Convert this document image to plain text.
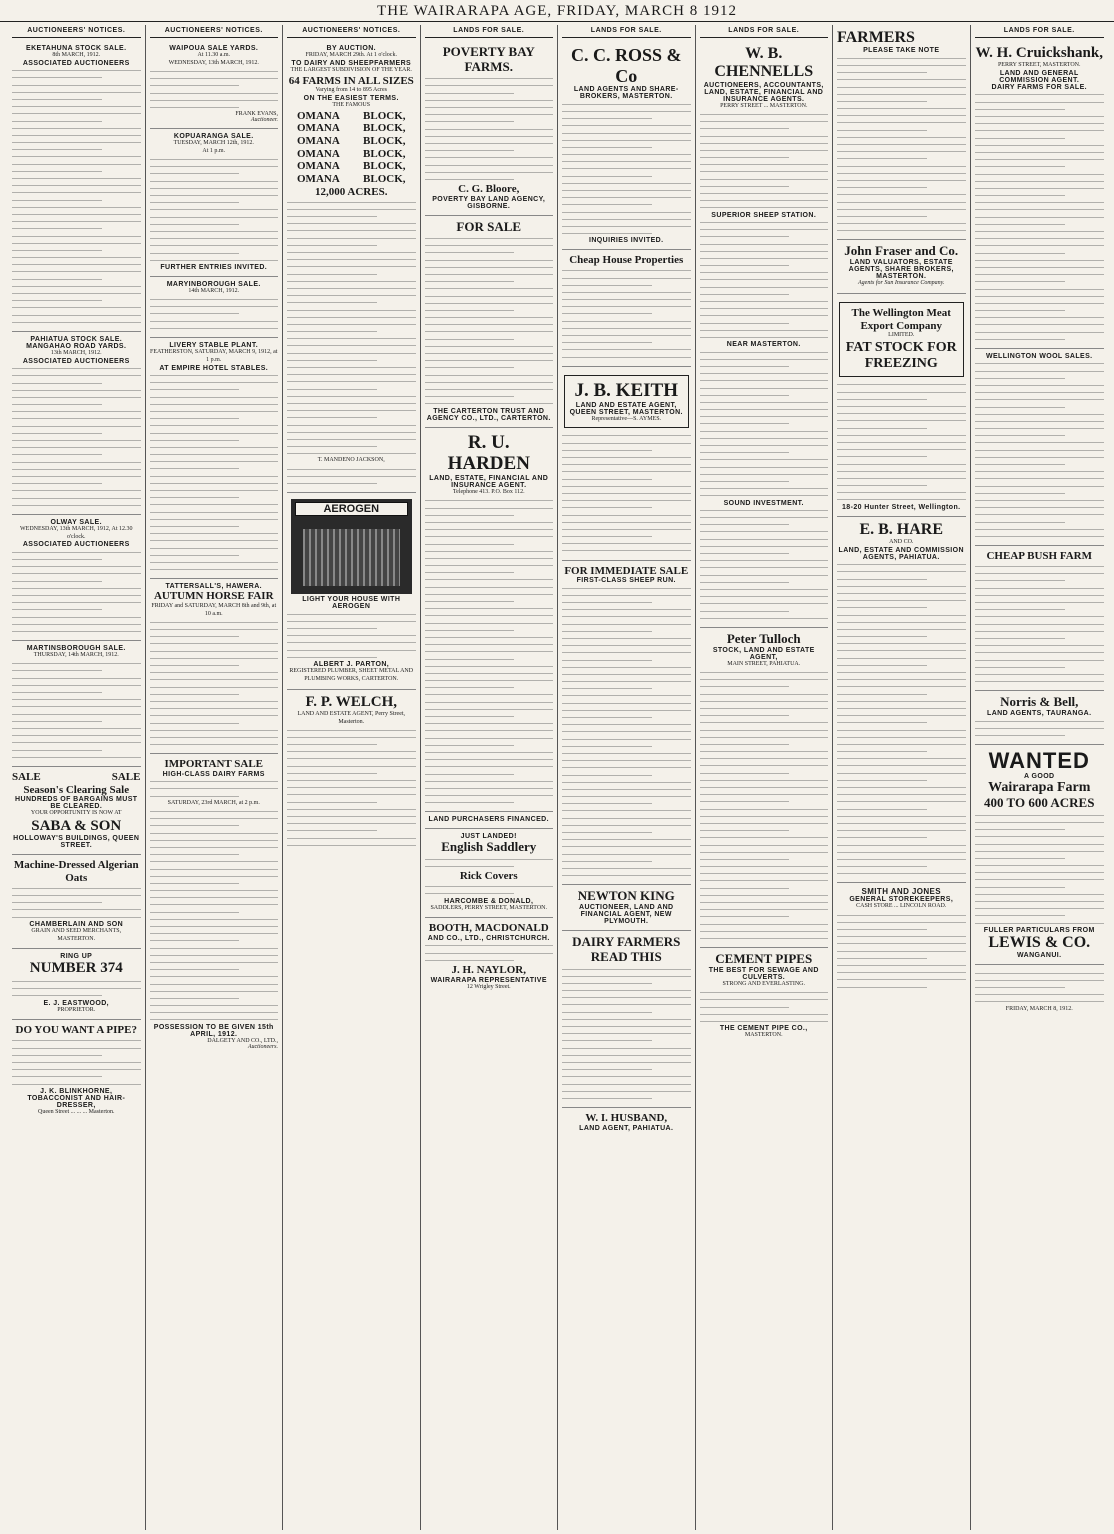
THE WAIRARAPA AGE, FRIDAY, MARCH 8 1912
AUCTIONEERS' NOTICES.
EKETAHUNA STOCK SALE.
8th MARCH, 1912.
ASSOCIATED AUCTIONEERS
PAHIATUA STOCK SALE.
MANGAHAO ROAD YARDS.
13th MARCH, 1912.
ASSOCIATED AUCTIONEERS
OLWAY SALE.
WEDNESDAY, 13th MARCH, 1912, At 12.30 o'clock.
ASSOCIATED AUCTIONEERS
MARTINSBOROUGH SALE.
THURSDAY, 14th MARCH, 1912.
SALE	SALE
Season's Clearing Sale
HUNDREDS OF BARGAINS MUST BE CLEARED.
YOUR OPPORTUNITY IS NOW AT
SABA & SON
HOLLOWAY'S BUILDINGS, QUEEN STREET.
Machine-Dressed Algerian Oats
CHAMBERLAIN AND SON
GRAIN AND SEED MERCHANTS, MASTERTON.
RING UP
NUMBER 374
E. J. EASTWOOD,
PROPRIETOR.
DO YOU WANT A PIPE?
J. K. BLINKHORNE,
TOBACCONIST AND HAIR-DRESSER,
Queen Street ... ... ... Masterton.
AUCTIONEERS' NOTICES.
WAIPOUA SALE YARDS.
At 11.30 a.m.
WEDNESDAY, 13th MARCH, 1912.
FRANK EVANS,
Auctioneer.
KOPUARANGA SALE.
TUESDAY, MARCH 12th, 1912.
At 1 p.m.
FURTHER ENTRIES INVITED.
MARYINBOROUGH SALE.
14th MARCH, 1912.
LIVERY STABLE PLANT.
FEATHERSTON, SATURDAY, MARCH 9, 1912, at 1 p.m.
AT EMPIRE HOTEL STABLES.
TATTERSALL'S, HAWERA.
AUTUMN HORSE FAIR
FRIDAY and SATURDAY, MARCH 8th and 9th, at 10 a.m.
IMPORTANT SALE
HIGH-CLASS DAIRY FARMS
SATURDAY, 23rd MARCH, at 2 p.m.
POSSESSION TO BE GIVEN 15th APRIL, 1912.
DALGETY AND CO., LTD.,
Auctioneers.
AUCTIONEERS' NOTICES.
BY AUCTION.
FRIDAY, MARCH 29th. At 1 o'clock.
TO DAIRY AND SHEEPFARMERS
THE LARGEST SUBDIVISION OF THE YEAR.
64 FARMS IN ALL SIZES
Varying from 14 to 895 Acres
ON THE EASIEST TERMS.
THE FAMOUS
OMANA BLOCK,
OMANA BLOCK,
OMANA BLOCK,
OMANA BLOCK,
OMANA BLOCK,
OMANA BLOCK,
12,000 ACRES.
T. MANDENO JACKSON,
AEROGEN
LIGHT YOUR HOUSE WITH AEROGEN
ALBERT J. PARTON,
REGISTERED PLUMBER, SHEET METAL AND PLUMBING WORKS, CARTERTON.
F. P. WELCH,
LAND AND ESTATE AGENT, Perry Street, Masterton.
LANDS FOR SALE.
POVERTY BAY FARMS.
C. G. Bloore,
POVERTY BAY LAND AGENCY, GISBORNE.
FOR SALE
THE CARTERTON TRUST AND AGENCY CO., LTD., CARTERTON.
R. U. HARDEN
LAND, ESTATE, FINANCIAL AND INSURANCE AGENT.
Telephone 413. P.O. Box 112.
LAND PURCHASERS FINANCED.
JUST LANDED!
English Saddlery
Rick Covers
HARCOMBE & DONALD,
SADDLERS, PERRY STREET, MASTERTON.
BOOTH, MACDONALD
AND CO., LTD., CHRISTCHURCH.
J. H. NAYLOR,
WAIRARAPA REPRESENTATIVE
12 Wrigley Street.
LANDS FOR SALE.
C. C. ROSS & Co
LAND AGENTS AND SHARE-BROKERS, MASTERTON.
INQUIRIES INVITED.
Cheap House Properties
J. B. KEITH
LAND AND ESTATE AGENT, QUEEN STREET, MASTERTON.
Representative—S. AYMES.
FOR IMMEDIATE SALE
FIRST-CLASS SHEEP RUN.
NEWTON KING
AUCTIONEER, LAND AND FINANCIAL AGENT, NEW PLYMOUTH.
DAIRY FARMERS READ THIS
W. I. HUSBAND,
LAND AGENT, PAHIATUA.
LANDS FOR SALE.
W. B. CHENNELLS
AUCTIONEERS, ACCOUNTANTS, LAND, ESTATE, FINANCIAL AND INSURANCE AGENTS.
PERRY STREET ... MASTERTON.
SUPERIOR SHEEP STATION.
NEAR MASTERTON.
SOUND INVESTMENT.
Peter Tulloch
STOCK, LAND AND ESTATE AGENT,
MAIN STREET, PAHIATUA.
CEMENT PIPES
THE BEST FOR SEWAGE AND CULVERTS.
STRONG AND EVERLASTING.
THE CEMENT PIPE CO.,
MASTERTON.
FARMERS
PLEASE TAKE NOTE
John Fraser and Co.
LAND VALUATORS, ESTATE AGENTS, SHARE BROKERS, MASTERTON.
Agents for Sun Insurance Company.
The Wellington Meat Export Company
LIMITED.
FAT STOCK FOR FREEZING
18-20 Hunter Street, Wellington.
E. B. HARE
AND CO.
LAND, ESTATE AND COMMISSION AGENTS, PAHIATUA.
SMITH AND JONES
GENERAL STOREKEEPERS,
CASH STORE ... LINCOLN ROAD.
LANDS FOR SALE.
W. H. Cruickshank,
PERRY STREET, MASTERTON.
LAND AND GENERAL COMMISSION AGENT.
DAIRY FARMS FOR SALE.
WELLINGTON WOOL SALES.
CHEAP BUSH FARM
Norris & Bell,
LAND AGENTS, TAURANGA.
WANTED
A GOOD
Wairarapa Farm
400 TO 600 ACRES
FULLER PARTICULARS FROM
LEWIS & CO.
WANGANUI.
FRIDAY, MARCH 8, 1912.
